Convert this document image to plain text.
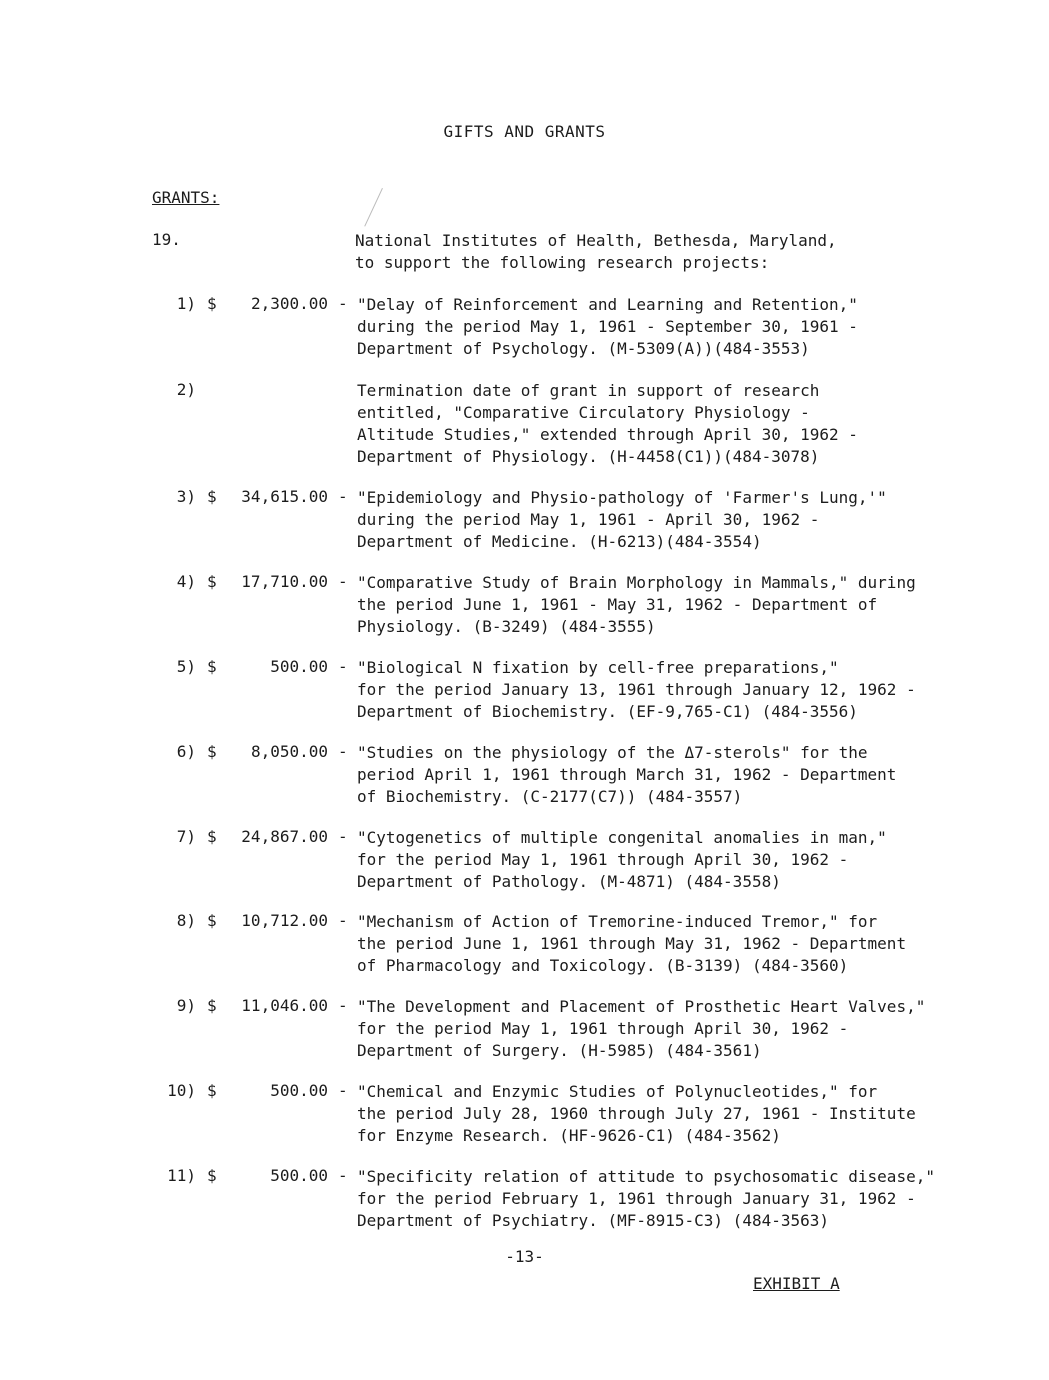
GIFTS AND GRANTS
GRANTS:
19.	National Institutes of Health, Bethesda, Maryland,
to support the following research projects:
1) $	2,300.00 - "Delay of Reinforcement and Learning and Retention,"
during the period May 1, 1961 - September 30, 1961 -
Department of Psychology. (M-5309(A))(484-3553)
2)	Termination date of grant in support of research
entitled, "Comparative Circulatory Physiology -
Altitude Studies," extended through April 30, 1962 -
Department of Physiology. (H-4458(C1))(484-3078)
3) $	34,615.00 - "Epidemiology and Physio-pathology of 'Farmer's Lung,'"
during the period May 1, 1961 - April 30, 1962 -
Department of Medicine. (H-6213)(484-3554)
4) $	17,710.00 - "Comparative Study of Brain Morphology in Mammals," during
the period June 1, 1961 - May 31, 1962 - Department of
Physiology. (B-3249) (484-3555)
5) $	500.00 - "Biological N fixation by cell-free preparations,"
for the period January 13, 1961 through January 12, 1962 -
Department of Biochemistry. (EF-9,765-C1) (484-3556)
6) $	8,050.00 - "Studies on the physiology of the Δ7-sterols" for the
period April 1, 1961 through March 31, 1962 - Department
of Biochemistry. (C-2177(C7)) (484-3557)
7) $	24,867.00 - "Cytogenetics of multiple congenital anomalies in man,"
for the period May 1, 1961 through April 30, 1962 -
Department of Pathology. (M-4871) (484-3558)
8) $	10,712.00 - "Mechanism of Action of Tremorine-induced Tremor," for
the period June 1, 1961 through May 31, 1962 - Department
of Pharmacology and Toxicology. (B-3139) (484-3560)
9) $	11,046.00 - "The Development and Placement of Prosthetic Heart Valves,"
for the period May 1, 1961 through April 30, 1962 -
Department of Surgery. (H-5985) (484-3561)
10) $	500.00 - "Chemical and Enzymic Studies of Polynucleotides," for
the period July 28, 1960 through July 27, 1961 - Institute
for Enzyme Research. (HF-9626-C1) (484-3562)
11) $	500.00 - "Specificity relation of attitude to psychosomatic disease,"
for the period February 1, 1961 through January 31, 1962 -
Department of Psychiatry. (MF-8915-C3) (484-3563)
-13-
EXHIBIT A
